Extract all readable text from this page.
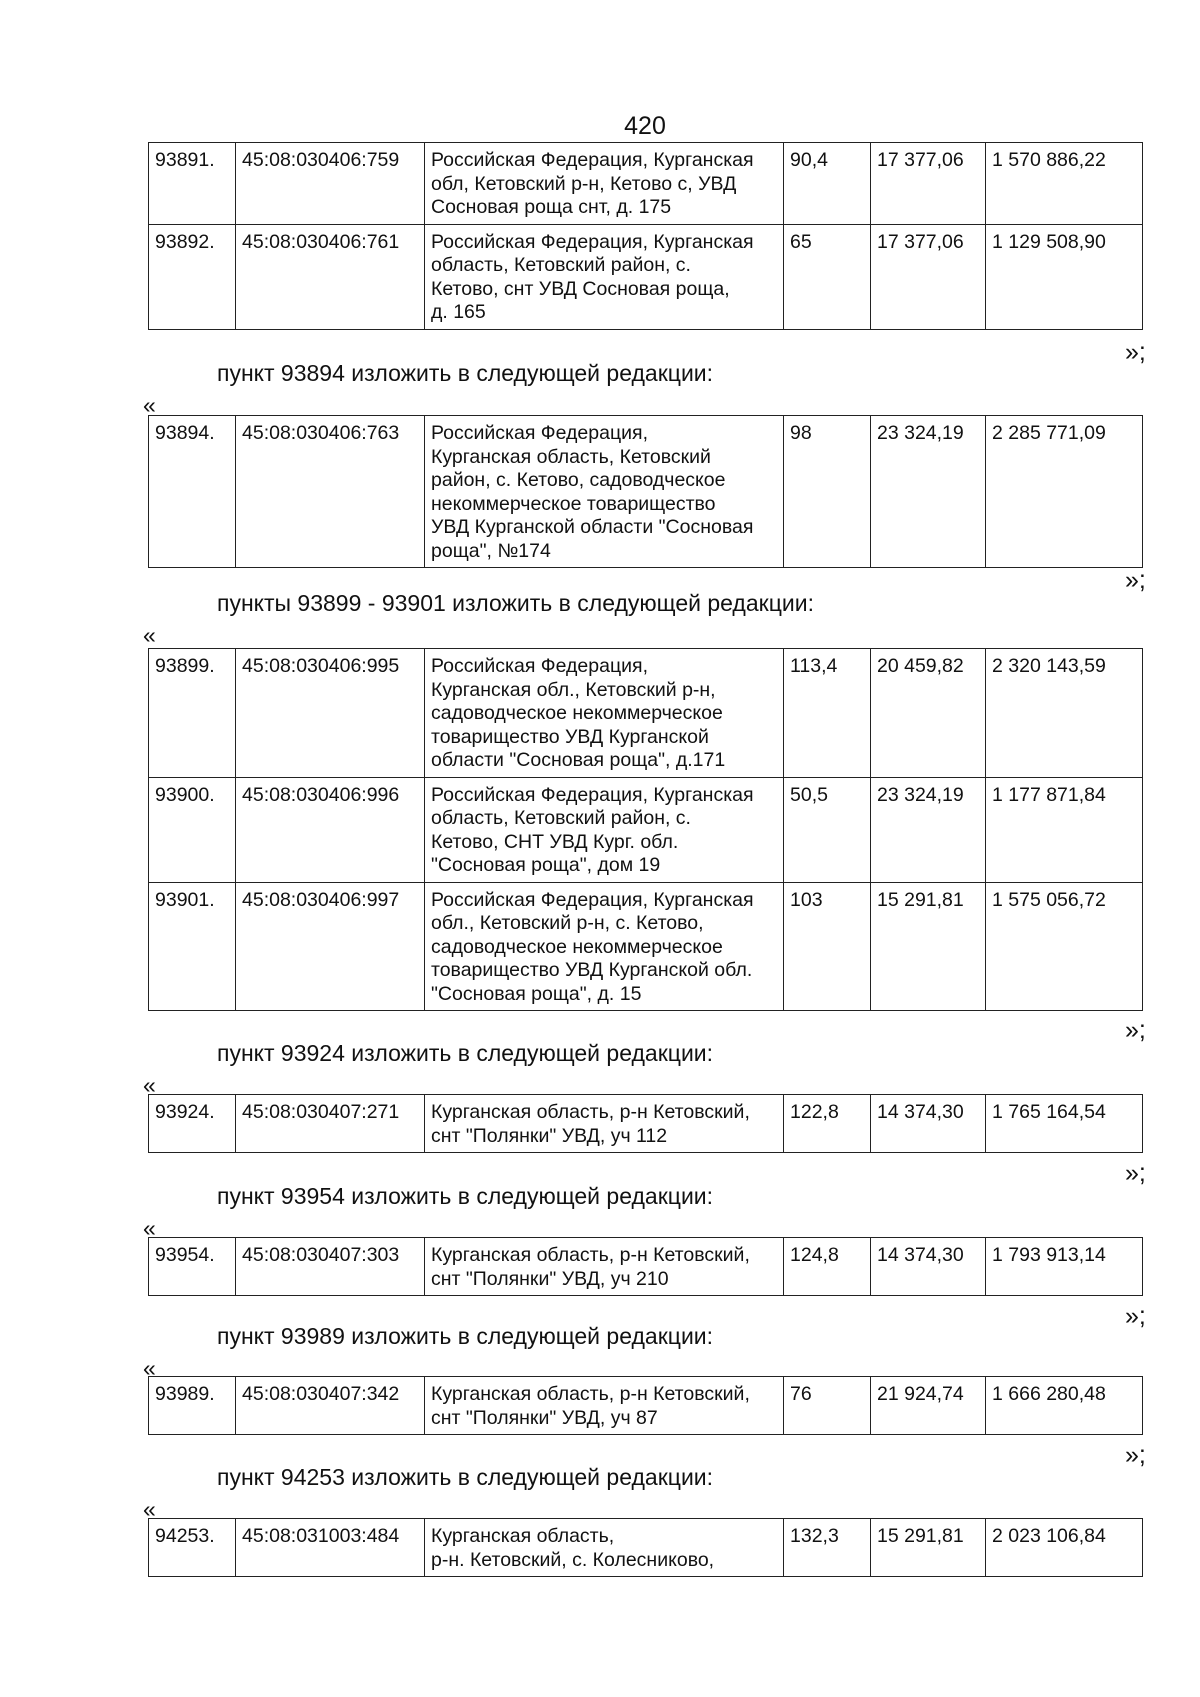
420
93891.	45:08:030406:759	Российская Федерация, Курганская
обл, Кетовский р-н, Кетово с, УВД
Сосновая роща снт, д. 175	90,4	17 377,06	1 570 886,22
93892.	45:08:030406:761	Российская Федерация, Курганская
область, Кетовский район, с.
Кетово, снт УВД Сосновая роща,
д. 165	65	17 377,06	1 129 508,90
»;
пункт 93894 изложить в следующей редакции:
«
93894.	45:08:030406:763	Российская Федерация,
Курганская область, Кетовский
район, с. Кетово, садоводческое
некоммерческое товарищество
УВД Курганской области "Сосновая
роща", №174	98	23 324,19	2 285 771,09
»;
пункты 93899 - 93901 изложить в следующей редакции:
«
93899.	45:08:030406:995	Российская Федерация,
Курганская обл., Кетовский р-н,
садоводческое некоммерческое
товарищество УВД Курганской
области "Сосновая роща", д.171	113,4	20 459,82	2 320 143,59
93900.	45:08:030406:996	Российская Федерация, Курганская
область, Кетовский район, с.
Кетово, СНТ УВД Кург. обл.
"Сосновая роща", дом 19	50,5	23 324,19	1 177 871,84
93901.	45:08:030406:997	Российская Федерация, Курганская
обл., Кетовский р-н, с. Кетово,
садоводческое некоммерческое
товарищество УВД Курганской обл.
"Сосновая роща", д. 15	103	15 291,81	1 575 056,72
»;
пункт 93924 изложить в следующей редакции:
«
93924.	45:08:030407:271	Курганская область, р-н Кетовский,
снт "Полянки" УВД, уч 112	122,8	14 374,30	1 765 164,54
»;
пункт 93954 изложить в следующей редакции:
«
93954.	45:08:030407:303	Курганская область, р-н Кетовский,
снт "Полянки" УВД, уч 210	124,8	14 374,30	1 793 913,14
»;
пункт 93989 изложить в следующей редакции:
«
93989.	45:08:030407:342	Курганская область, р-н Кетовский,
снт "Полянки" УВД, уч 87	76	21 924,74	1 666 280,48
»;
пункт 94253 изложить в следующей редакции:
«
94253.	45:08:031003:484	Курганская область,
р-н. Кетовский, с. Колесниково,	132,3	15 291,81	2 023 106,84
